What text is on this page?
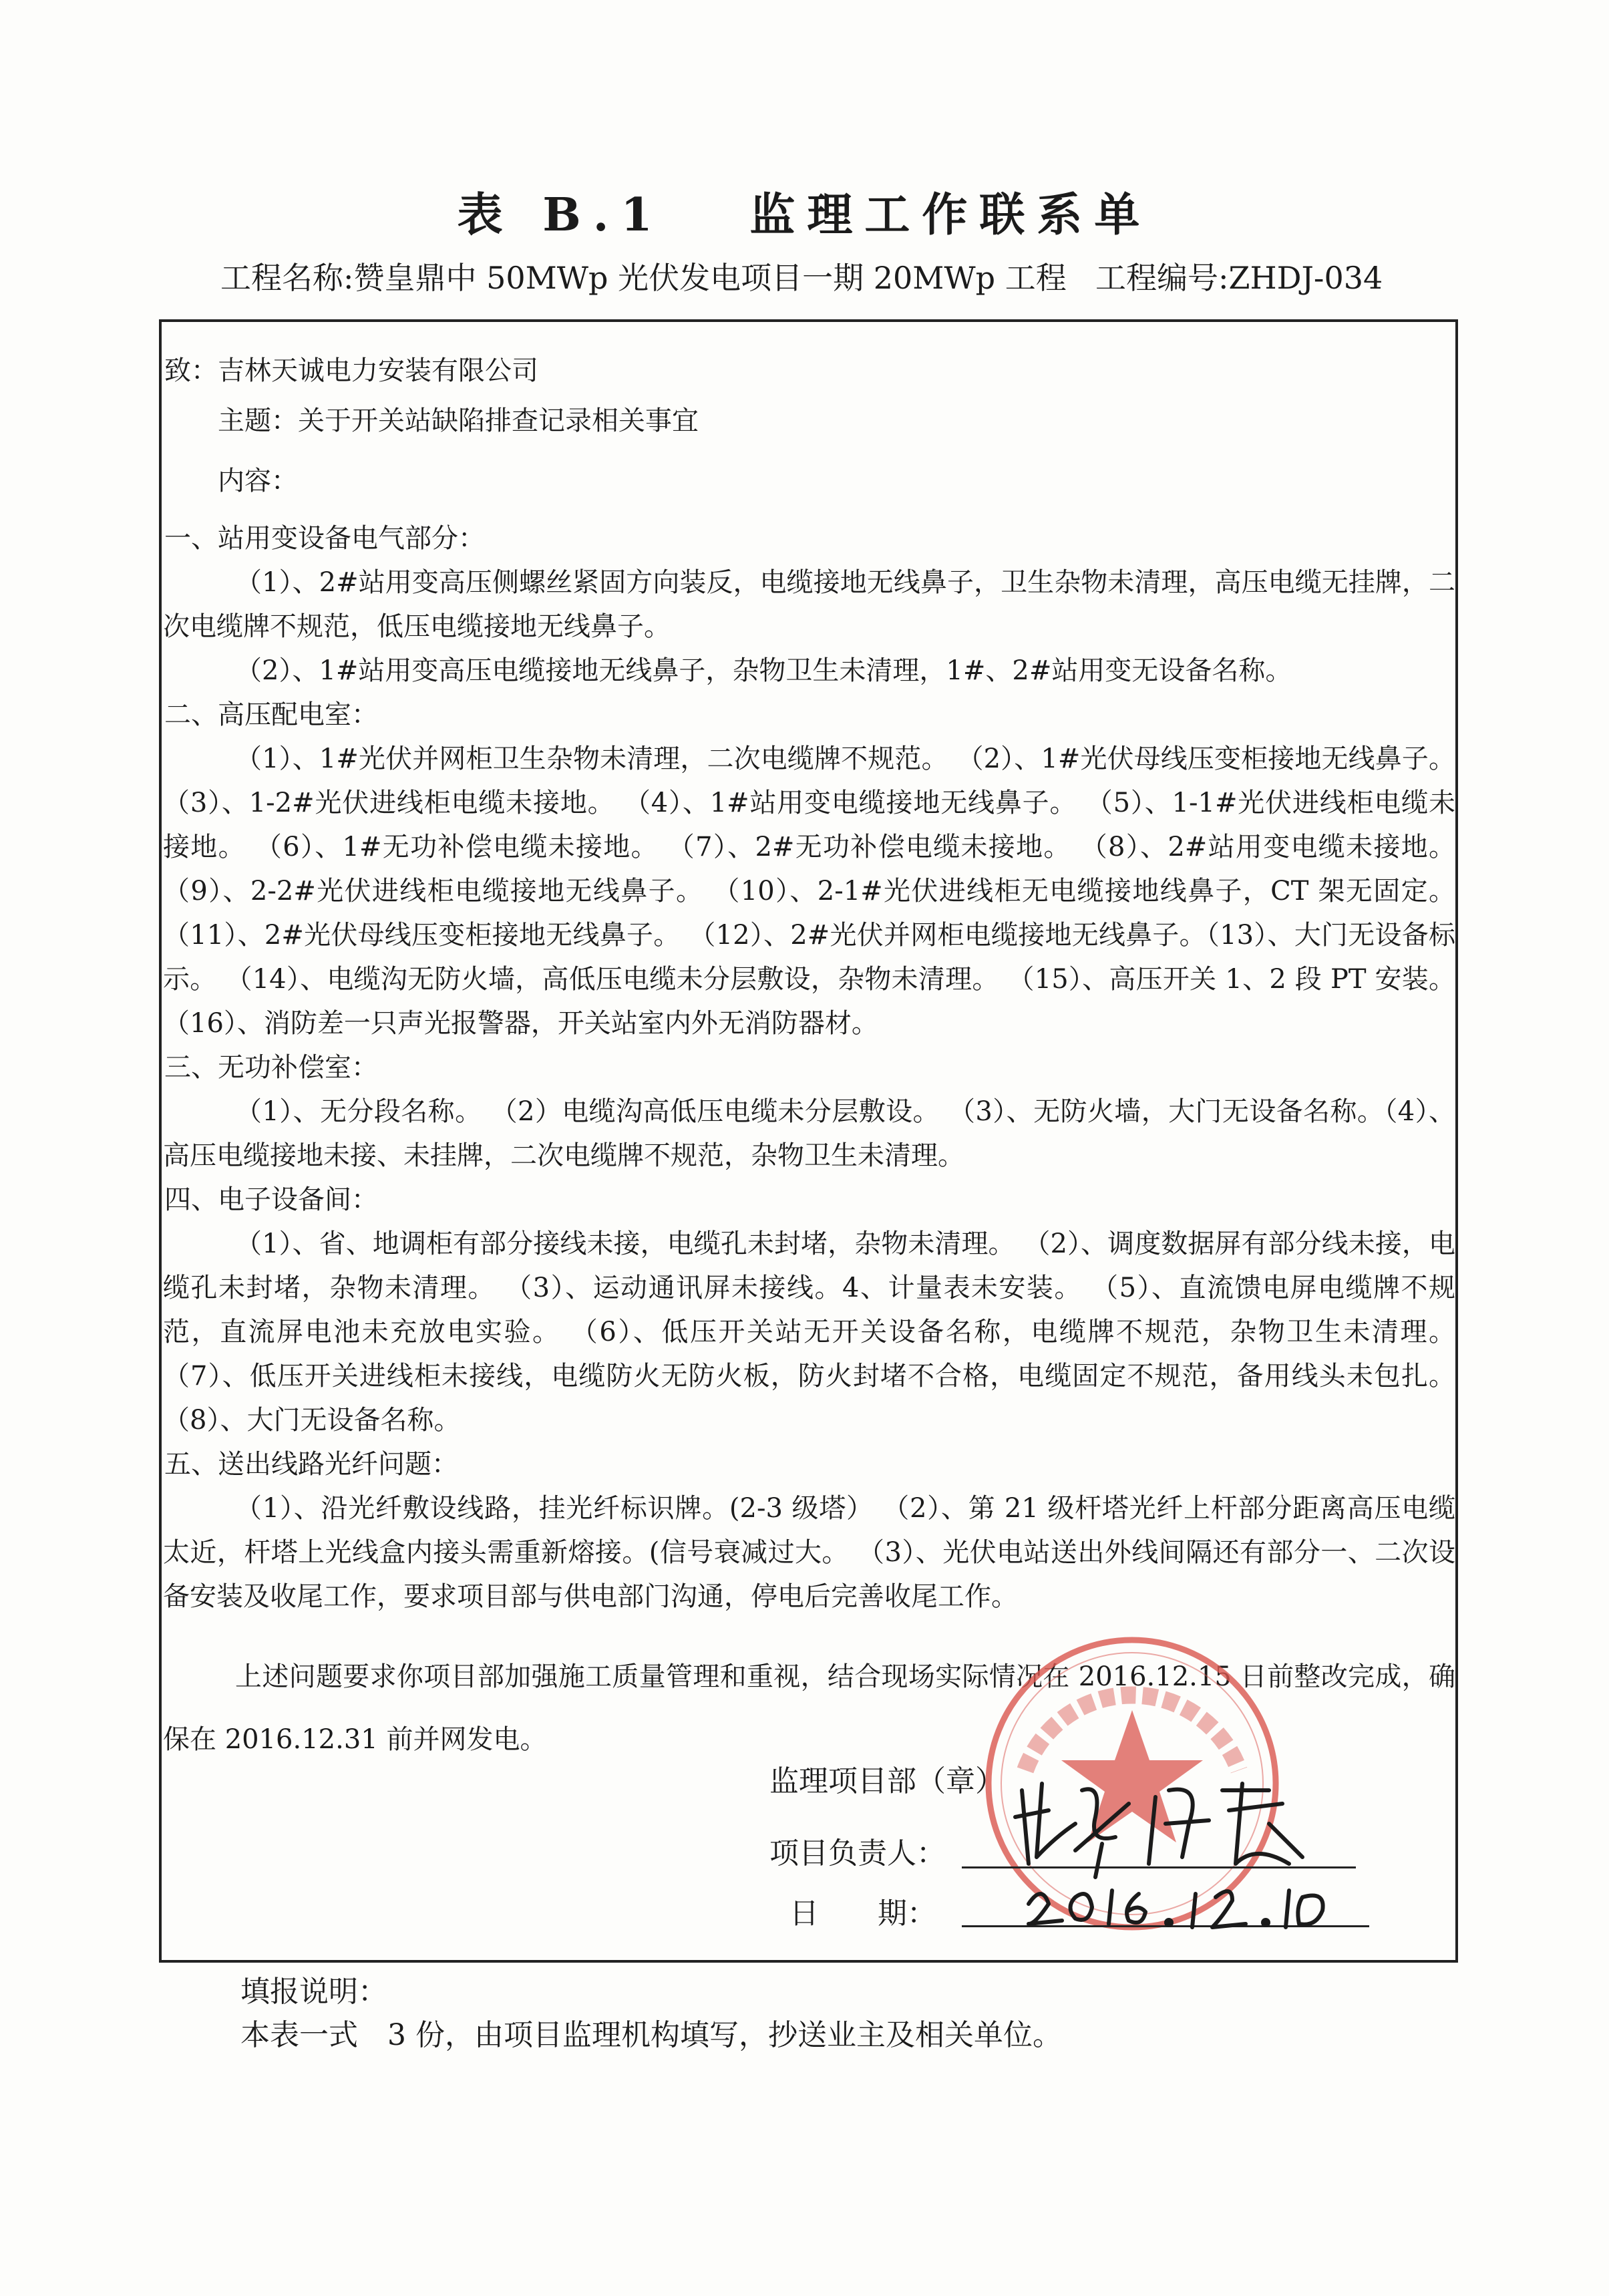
表 B.1　 监理工作联系单
工程名称:赞皇鼎中 50MWp 光伏发电项目一期 20MWp 工程 工程编号:ZHDJ-034
致：吉林天诚电力安装有限公司
主题：关于开关站缺陷排查记录相关事宜
内容：

一、站用变设备电气部分：

（1）、2#站用变高压侧螺丝紧固方向装反，电缆接地无线鼻子，卫生杂物未清理，高压电缆无挂牌，二次电缆牌不规范，低压电缆接地无线鼻子。

（2）、1#站用变高压电缆接地无线鼻子，杂物卫生未清理，1#、2#站用变无设备名称。

二、高压配电室：

（1）、1#光伏并网柜卫生杂物未清理，二次电缆牌不规范。 （2）、1#光伏母线压变柜接地无线鼻子。 （3）、1-2#光伏进线柜电缆未接地。 （4）、1#站用变电缆接地无线鼻子。 （5）、1-1#光伏进线柜电缆未接地。 （6）、1#无功补偿电缆未接地。 （7）、2#无功补偿电缆未接地。 （8）、2#站用变电缆未接地。 （9）、2-2#光伏进线柜电缆接地无线鼻子。 （10）、2-1#光伏进线柜无电缆接地线鼻子，CT 架无固定。 （11）、2#光伏母线压变柜接地无线鼻子。 （12）、2#光伏并网柜电缆接地无线鼻子。（13）、大门无设备标示。 （14）、电缆沟无防火墙，高低压电缆未分层敷设，杂物未清理。 （15）、高压开关 1、2 段 PT 安装。 （16）、消防差一只声光报警器，开关站室内外无消防器材。

三、无功补偿室：

（1）、无分段名称。 （2）电缆沟高低压电缆未分层敷设。 （3）、无防火墙，大门无设备名称。（4）、高压电缆接地未接、未挂牌，二次电缆牌不规范，杂物卫生未清理。

四、电子设备间：

（1）、省、地调柜有部分接线未接，电缆孔未封堵，杂物未清理。 （2）、调度数据屏有部分线未接，电缆孔未封堵，杂物未清理。 （3）、运动通讯屏未接线。4、计量表未安装。 （5）、直流馈电屏电缆牌不规范，直流屏电池未充放电实验。 （6）、低压开关站无开关设备名称，电缆牌不规范，杂物卫生未清理。 （7）、低压开关进线柜未接线，电缆防火无防火板，防火封堵不合格，电缆固定不规范，备用线头未包扎。 （8）、大门无设备名称。

五、送出线路光纤问题：

（1）、沿光纤敷设线路，挂光纤标识牌。(2-3 级塔） （2）、第 21 级杆塔光纤上杆部分距离高压电缆太近，杆塔上光线盒内接头需重新熔接。(信号衰减过大。 （3）、光伏电站送出外线间隔还有部分一、二次设备安装及收尾工作，要求项目部与供电部门沟通，停电后完善收尾工作。

上述问题要求你项目部加强施工质量管理和重视，结合现场实际情况在 2016.12.15 日前整改完成，确保在 2016.12.31 前并网发电。

监理项目部（章）
项目负责人：
日　　期：
填报说明：
本表一式　3 份，由项目监理机构填写，抄送业主及相关单位。
